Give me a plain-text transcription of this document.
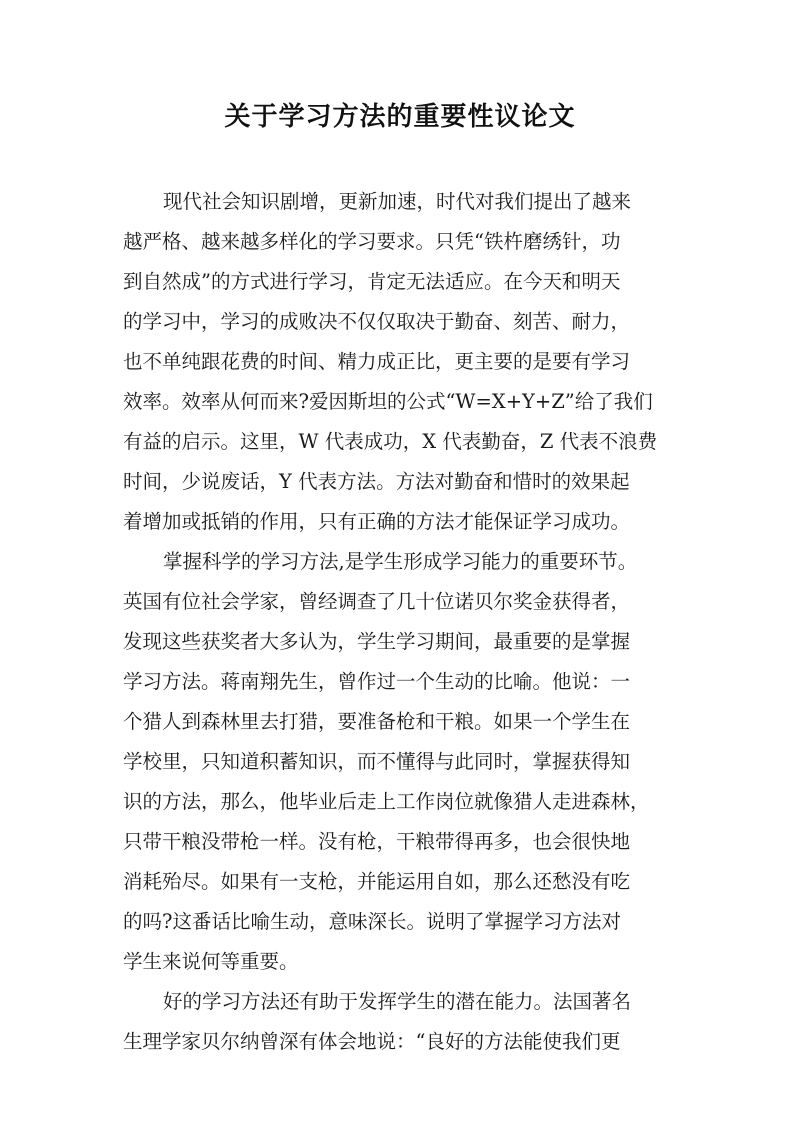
关于学习方法的重要性议论文
现代社会知识剧增，更新加速，时代对我们提出了越来
越严格、越来越多样化的学习要求。只凭“铁杵磨绣针，功
到自然成”的方式进行学习，肯定无法适应。在今天和明天
的学习中，学习的成败决不仅仅取决于勤奋、刻苦、耐力，
也不单纯跟花费的时间、精力成正比，更主要的是要有学习
效率。效率从何而来?爱因斯坦的公式“W=X+Y+Z”给了我们
有益的启示。这里，W 代表成功，X 代表勤奋，Z 代表不浪费
时间，少说废话，Y 代表方法。方法对勤奋和惜时的效果起
着增加或抵销的作用，只有正确的方法才能保证学习成功。
掌握科学的学习方法,是学生形成学习能力的重要环节。
英国有位社会学家，曾经调查了几十位诺贝尔奖金获得者，
发现这些获奖者大多认为，学生学习期间，最重要的是掌握
学习方法。蒋南翔先生，曾作过一个生动的比喻。他说：一
个猎人到森林里去打猎，要准备枪和干粮。如果一个学生在
学校里，只知道积蓄知识，而不懂得与此同时，掌握获得知
识的方法，那么，他毕业后走上工作岗位就像猎人走进森林，
只带干粮没带枪一样。没有枪，干粮带得再多，也会很快地
消耗殆尽。如果有一支枪，并能运用自如，那么还愁没有吃
的吗?这番话比喻生动，意味深长。说明了掌握学习方法对
学生来说何等重要。
好的学习方法还有助于发挥学生的潜在能力。法国著名
生理学家贝尔纳曾深有体会地说：“良好的方法能使我们更
